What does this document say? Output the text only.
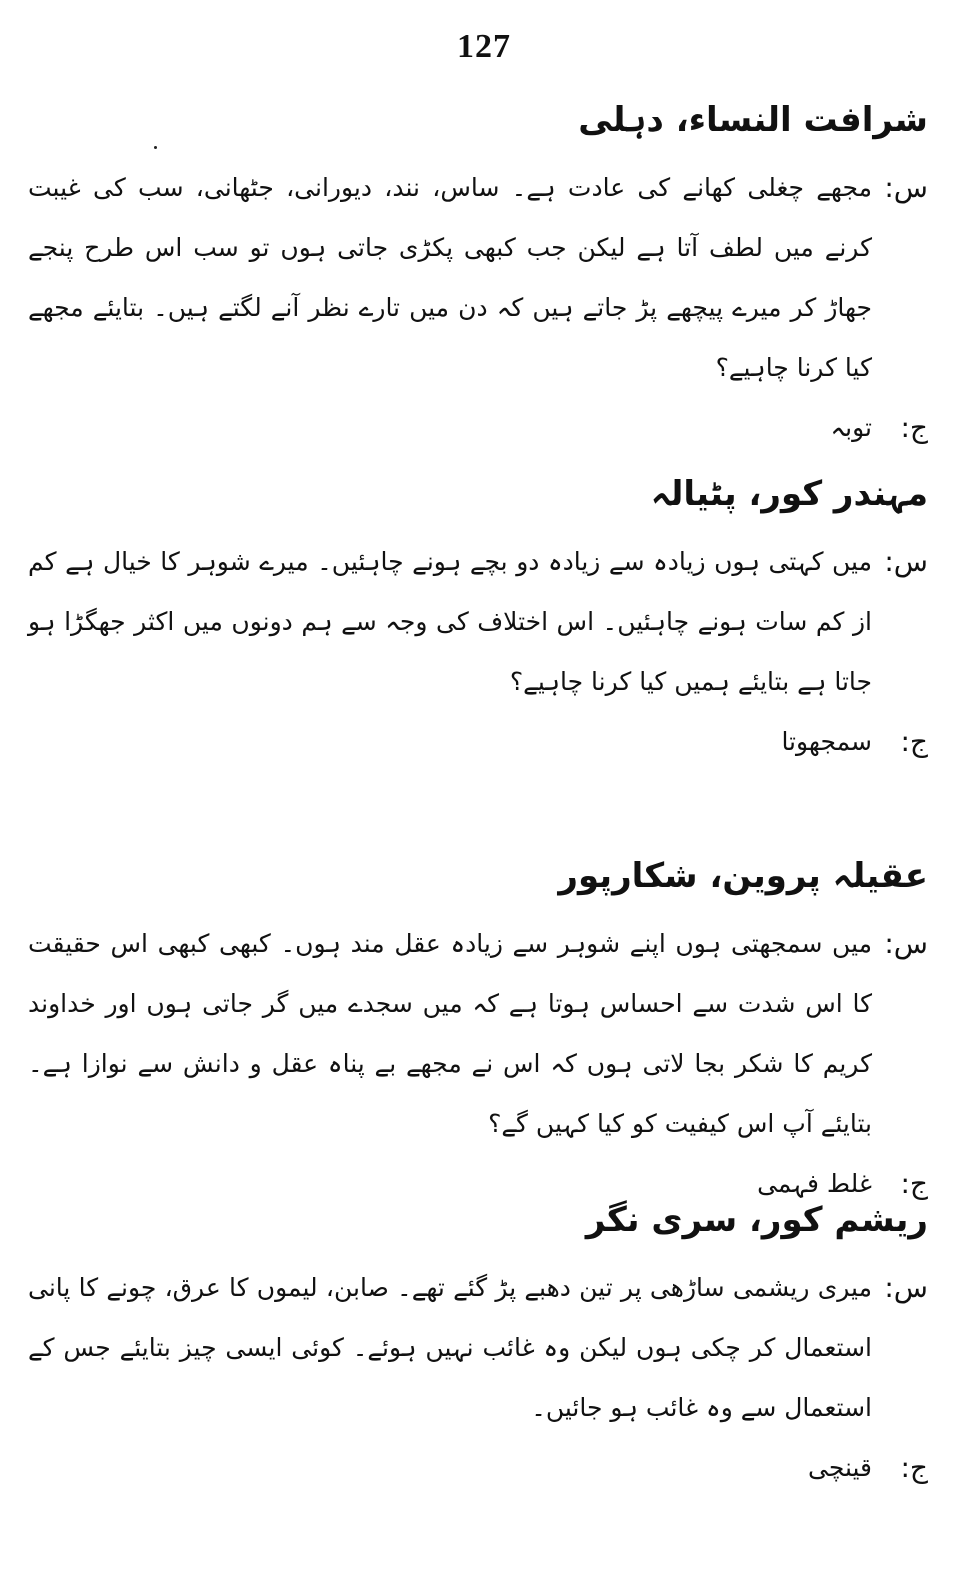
127
شرافت النساء، دہلی
س:
مجھے چغلی کھانے کی عادت ہے۔ ساس، نند، دیورانی، جٹھانی، سب کی غیبت کرنے میں لطف آتا ہے لیکن جب کبھی پکڑی جاتی ہوں تو سب اس طرح پنجے جھاڑ کر میرے پیچھے پڑ جاتے ہیں کہ دن میں تارے نظر آنے لگتے ہیں۔ بتایئے مجھے کیا کرنا چاہیے؟
ج:
توبہ
مہندر کور، پٹیالہ
س:
میں کہتی ہوں زیادہ سے زیادہ دو بچے ہونے چاہئیں۔ میرے شوہر کا خیال ہے کم از کم سات ہونے چاہئیں۔ اس اختلاف کی وجہ سے ہم دونوں میں اکثر جھگڑا ہو جاتا ہے بتایئے ہمیں کیا کرنا چاہیے؟
ج:
سمجھوتا
عقیلہ پروین، شکارپور
س:
میں سمجھتی ہوں اپنے شوہر سے زیادہ عقل مند ہوں۔ کبھی کبھی اس حقیقت کا اس شدت سے احساس ہوتا ہے کہ میں سجدے میں گر جاتی ہوں اور خداوند کریم کا شکر بجا لاتی ہوں کہ اس نے مجھے بے پناہ عقل و دانش سے نوازا ہے۔ بتایئے آپ اس کیفیت کو کیا کہیں گے؟
ج:
غلط فہمی
ریشم کور، سری نگر
س:
میری ریشمی ساڑھی پر تین دھبے پڑ گئے تھے۔ صابن، لیموں کا عرق، چونے کا پانی استعمال کر چکی ہوں لیکن وہ غائب نہیں ہوئے۔ کوئی ایسی چیز بتایئے جس کے استعمال سے وہ غائب ہو جائیں۔
ج:
قینچی
